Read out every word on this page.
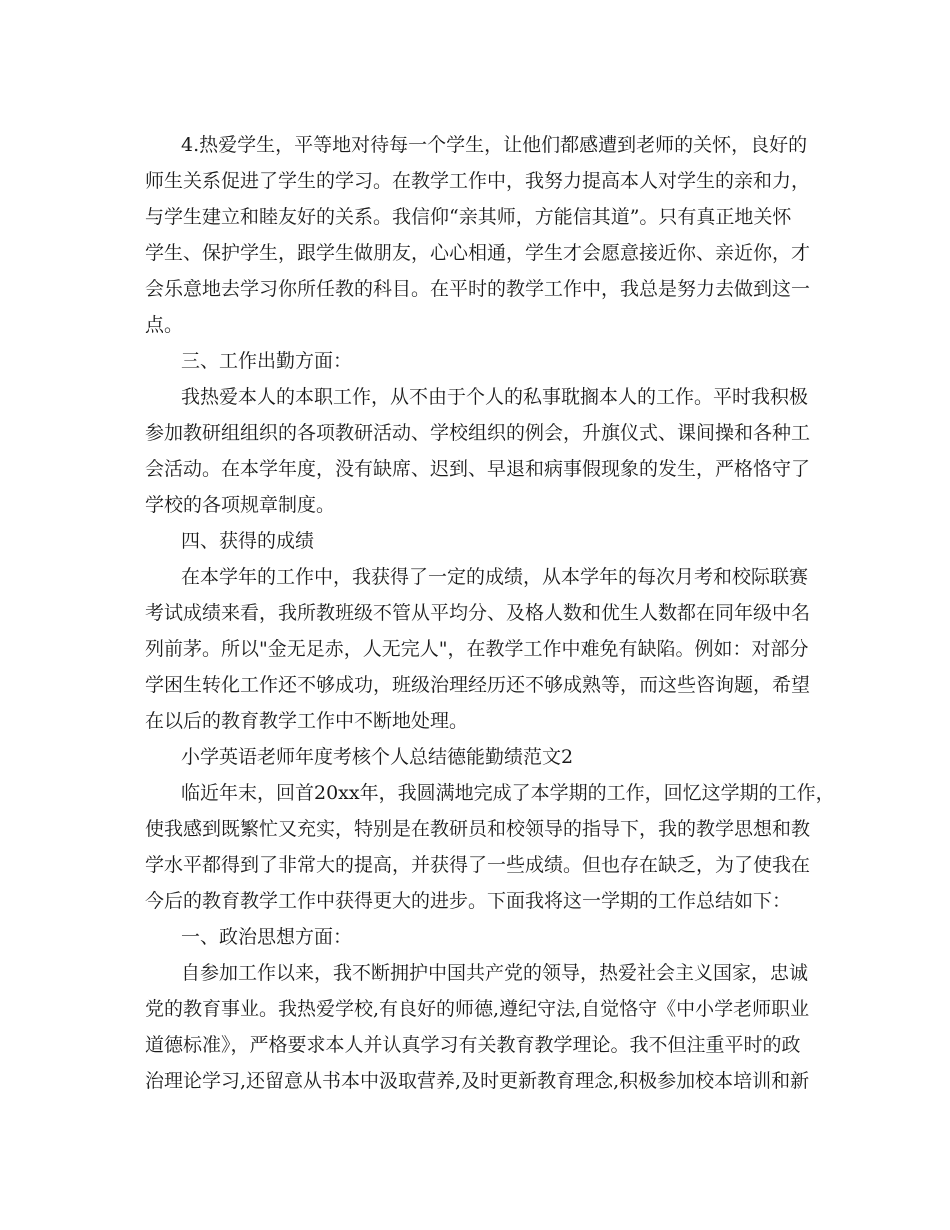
4.热爱学生，平等地对待每一个学生，让他们都感遭到老师的关怀，良好的
师生关系促进了学生的学习。在教学工作中，我努力提高本人对学生的亲和力，
与学生建立和睦友好的关系。我信仰“亲其师，方能信其道”。只有真正地关怀
学生、保护学生，跟学生做朋友，心心相通，学生才会愿意接近你、亲近你，才
会乐意地去学习你所任教的科目。在平时的教学工作中，我总是努力去做到这一
点。
三、工作出勤方面：
我热爱本人的本职工作，从不由于个人的私事耽搁本人的工作。平时我积极
参加教研组组织的各项教研活动、学校组织的例会，升旗仪式、课间操和各种工
会活动。在本学年度，没有缺席、迟到、早退和病事假现象的发生，严格恪守了
学校的各项规章制度。
四、获得的成绩
在本学年的工作中，我获得了一定的成绩，从本学年的每次月考和校际联赛
考试成绩来看，我所教班级不管从平均分、及格人数和优生人数都在同年级中名
列前茅。所以"金无足赤，人无完人"，在教学工作中难免有缺陷。例如：对部分
学困生转化工作还不够成功，班级治理经历还不够成熟等，而这些咨询题，希望
在以后的教育教学工作中不断地处理。
小学英语老师年度考核个人总结德能勤绩范文2
临近年末，回首20xx年，我圆满地完成了本学期的工作，回忆这学期的工作，
使我感到既繁忙又充实，特别是在教研员和校领导的指导下，我的教学思想和教
学水平都得到了非常大的提高，并获得了一些成绩。但也存在缺乏，为了使我在
今后的教育教学工作中获得更大的进步。下面我将这一学期的工作总结如下：
一、政治思想方面：
自参加工作以来，我不断拥护中国共产党的领导，热爱社会主义国家，忠诚
党的教育事业。我热爱学校,有良好的师德,遵纪守法,自觉恪守《中小学老师职业
道德标准》，严格要求本人并认真学习有关教育教学理论。我不但注重平时的政
治理论学习,还留意从书本中汲取营养,及时更新教育理念,积极参加校本培训和新
